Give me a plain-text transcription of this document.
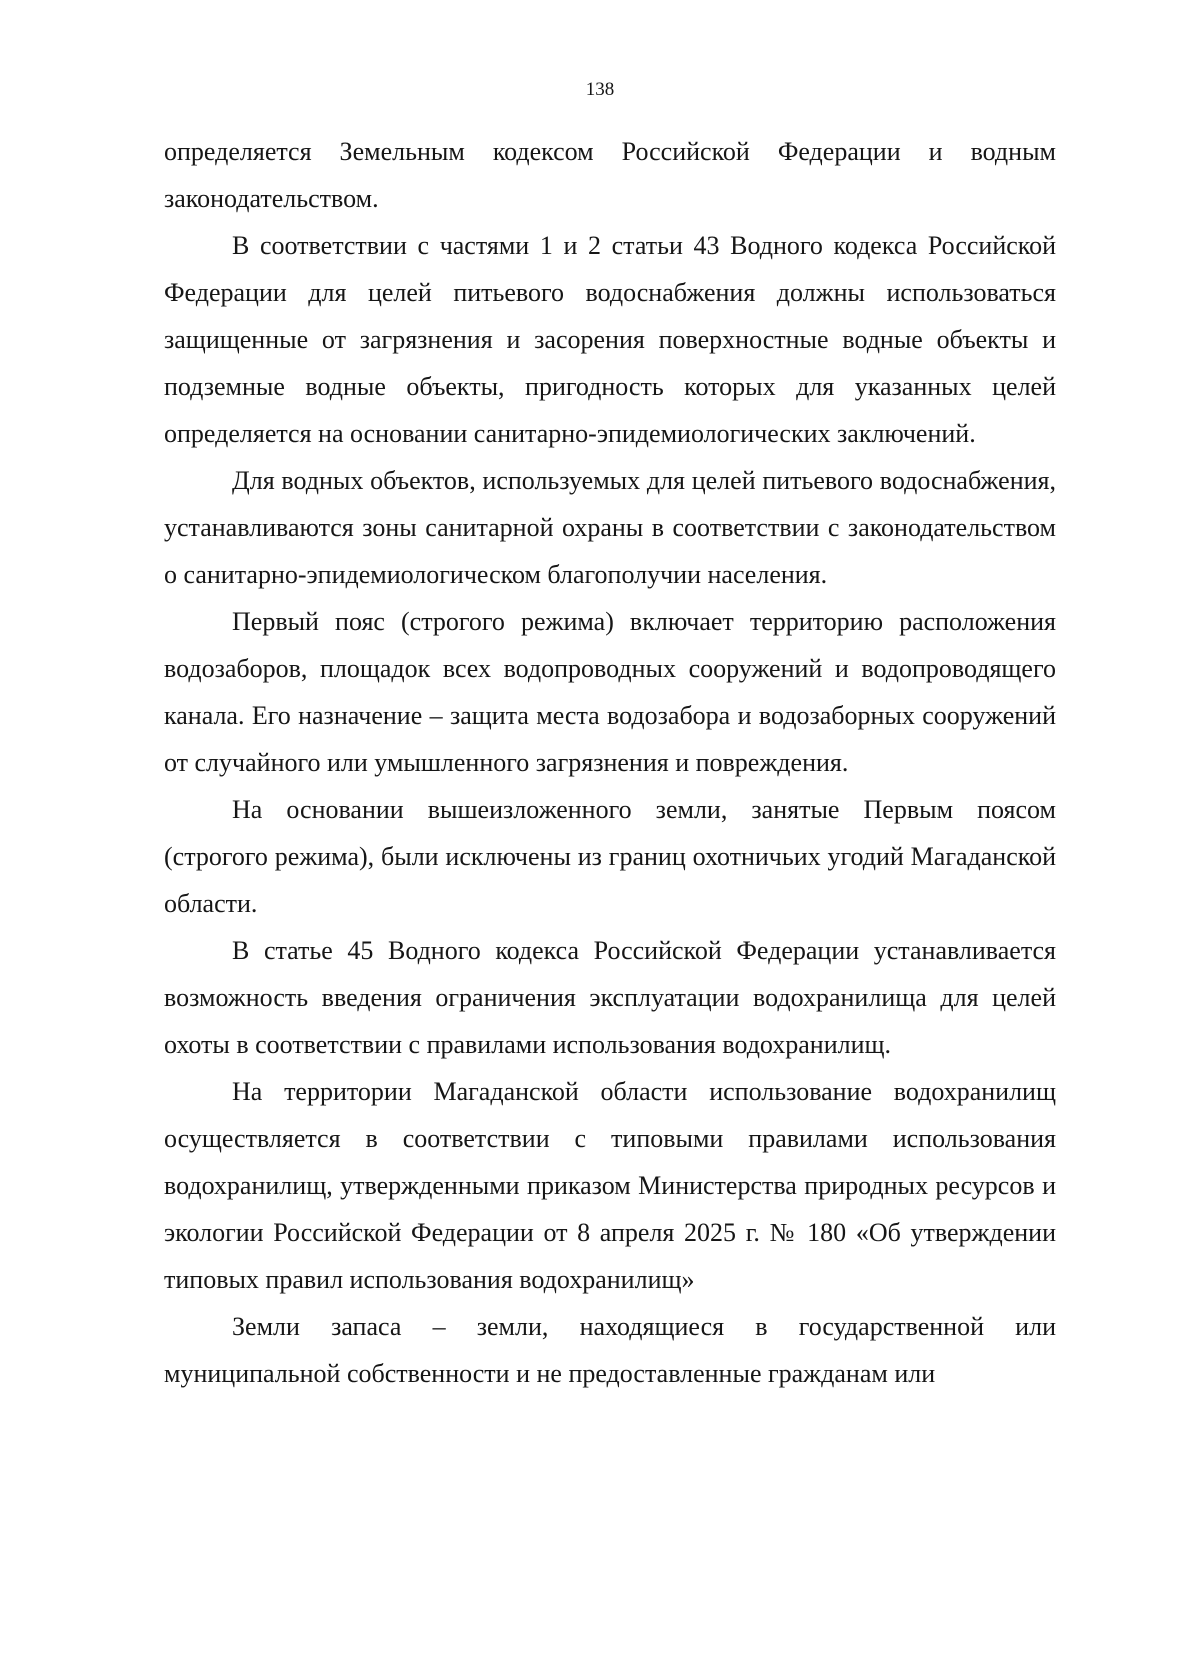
138

определяется Земельным кодексом Российской Федерации и водным законодательством.

В соответствии с частями 1 и 2 статьи 43 Водного кодекса Российской Федерации для целей питьевого водоснабжения должны использоваться защищенные от загрязнения и засорения поверхностные водные объекты и подземные водные объекты, пригодность которых для указанных целей определяется на основании санитарно-эпидемиологических заключений.

Для водных объектов, используемых для целей питьевого водоснабжения, устанавливаются зоны санитарной охраны в соответствии с законодательством о санитарно-эпидемиологическом благополучии населения.

Первый пояс (строгого режима) включает территорию расположения водозаборов, площадок всех водопроводных сооружений и водопроводящего канала. Его назначение – защита места водозабора и водозаборных сооружений от случайного или умышленного загрязнения и повреждения.

На основании вышеизложенного земли, занятые Первым поясом (строгого режима), были исключены из границ охотничьих угодий Магаданской области.

В статье 45 Водного кодекса Российской Федерации устанавливается возможность введения ограничения эксплуатации водохранилища для целей охоты в соответствии с правилами использования водохранилищ.

На территории Магаданской области использование водохранилищ осуществляется в соответствии с типовыми правилами использования водохранилищ, утвержденными приказом Министерства природных ресурсов и экологии Российской Федерации от 8 апреля 2025 г. № 180 «Об утверждении типовых правил использования водохранилищ»

Земли запаса – земли, находящиеся в государственной или муниципальной собственности и не предоставленные гражданам или
